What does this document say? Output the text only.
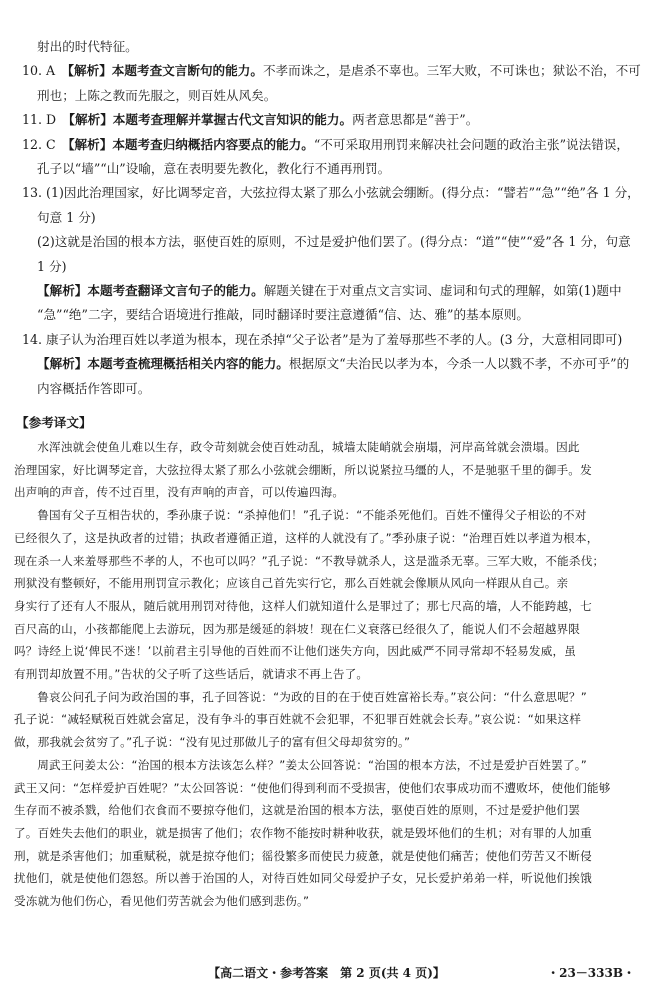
射出的时代特征。

10. A　【解析】本题考查文言断句的能力。不孝而诛之，是虐杀不辜也。三军大败，不可诛也；狱讼不治，不可

刑也；上陈之教而先服之，则百姓从风矣。

11. D　【解析】本题考查理解并掌握古代文言知识的能力。两者意思都是“善于”。

12. C　【解析】本题考查归纳概括内容要点的能力。“不可采取用刑罚来解决社会问题的政治主张”说法错误，

孔子以“墙”“山”设喻，意在表明要先教化，教化行不通再刑罚。

13. (1)因此治理国家，好比调琴定音，大弦拉得太紧了那么小弦就会绷断。(得分点：“譬若”“急”“绝”各 1 分，

句意 1 分)

(2)这就是治国的根本方法，驱使百姓的原则，不过是爱护他们罢了。(得分点：“道”“使”“爱”各 1 分，句意

1 分)

【解析】本题考查翻译文言句子的能力。解题关键在于对重点文言实词、虚词和句式的理解，如第(1)题中

“急”“绝”二字，要结合语境进行推敲，同时翻译时要注意遵循“信、达、雅”的基本原则。

14. 康子认为治理百姓以孝道为根本，现在杀掉“父子讼者”是为了羞辱那些不孝的人。(3 分，大意相同即可)

【解析】本题考查梳理概括相关内容的能力。根据原文“夫治民以孝为本，今杀一人以戮不孝，不亦可乎”的

内容概括作答即可。

【参考译文】

水浑浊就会使鱼儿难以生存，政令苛刻就会使百姓动乱，城墙太陡峭就会崩塌，河岸高耸就会溃塌。因此

治理国家，好比调琴定音，大弦拉得太紧了那么小弦就会绷断，所以说紧拉马缰的人，不是驰驱千里的御手。发

出声响的声音，传不过百里，没有声响的声音，可以传遍四海。

鲁国有父子互相告状的，季孙康子说：“杀掉他们！”孔子说：“不能杀死他们。百姓不懂得父子相讼的不对

已经很久了，这是执政者的过错；执政者遵循正道，这样的人就没有了。”季孙康子说：“治理百姓以孝道为根本，

现在杀一人来羞辱那些不孝的人，不也可以吗？”孔子说：“不教导就杀人，这是滥杀无辜。三军大败，不能杀伐；

刑狱没有整顿好，不能用刑罚宣示教化；应该自己首先实行它，那么百姓就会像顺从风向一样跟从自己。亲

身实行了还有人不服从，随后就用刑罚对待他，这样人们就知道什么是罪过了；那七尺高的墙，人不能跨越，七

百尺高的山，小孩都能爬上去游玩，因为那是缓延的斜坡！现在仁义衰落已经很久了，能说人们不会超越界限

吗？诗经上说‘俾民不迷！’以前君主引导他的百姓而不让他们迷失方向，因此威严不同寻常却不轻易发威，虽

有刑罚却放置不用。”告状的父子听了这些话后，就请求不再上告了。

鲁哀公问孔子问为政治国的事，孔子回答说：“为政的目的在于使百姓富裕长寿。”哀公问：“什么意思呢？”

孔子说：“减轻赋税百姓就会富足，没有争斗的事百姓就不会犯罪，不犯罪百姓就会长寿。”哀公说：“如果这样

做，那我就会贫穷了。”孔子说：“没有见过那做儿子的富有但父母却贫穷的。”

周武王问姜太公：“治国的根本方法该怎么样？”姜太公回答说：“治国的根本方法，不过是爱护百姓罢了。”

武王又问：“怎样爱护百姓呢？”太公回答说：“使他们得到利而不受损害，使他们农事成功而不遭败坏，使他们能够

生存而不被杀戮，给他们衣食而不要掠夺他们，这就是治国的根本方法，驱使百姓的原则，不过是爱护他们罢

了。百姓失去他们的职业，就是损害了他们；农作物不能按时耕种收获，就是毁坏他们的生机；对有罪的人加重

刑，就是杀害他们；加重赋税，就是掠夺他们；徭役繁多而使民力疲惫，就是使他们痛苦；使他们劳苦又不断侵

扰他们，就是使他们怨怒。所以善于治国的人，对待百姓如同父母爱护子女，兄长爱护弟弟一样，听说他们挨饿

受冻就为他们伤心，看见他们劳苦就会为他们感到悲伤。”

【高二语文・参考答案　第 2 页(共 4 页)】	・23－333B・
